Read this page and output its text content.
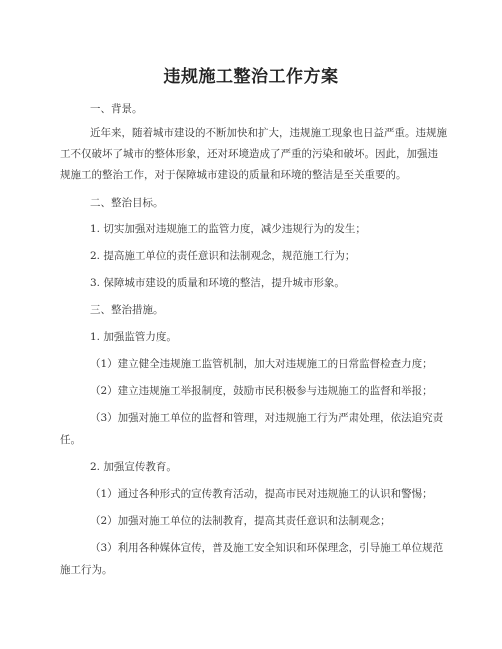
违规施工整治工作方案

一、背景。

近年来，随着城市建设的不断加快和扩大，违规施工现象也日益严重。违规施
工不仅破坏了城市的整体形象，还对环境造成了严重的污染和破坏。因此，加强违
规施工的整治工作，对于保障城市建设的质量和环境的整洁是至关重要的。

二、整治目标。

1. 切实加强对违规施工的监管力度，减少违规行为的发生；

2. 提高施工单位的责任意识和法制观念，规范施工行为；

3. 保障城市建设的质量和环境的整洁，提升城市形象。

三、整治措施。

1. 加强监管力度。

（1）建立健全违规施工监管机制，加大对违规施工的日常监督检查力度；

（2）建立违规施工举报制度，鼓励市民积极参与违规施工的监督和举报；

（3）加强对施工单位的监督和管理，对违规施工行为严肃处理，依法追究责

任。

2. 加强宣传教育。

（1）通过各种形式的宣传教育活动，提高市民对违规施工的认识和警惕；

（2）加强对施工单位的法制教育，提高其责任意识和法制观念；

（3）利用各种媒体宣传，普及施工安全知识和环保理念，引导施工单位规范

施工行为。
